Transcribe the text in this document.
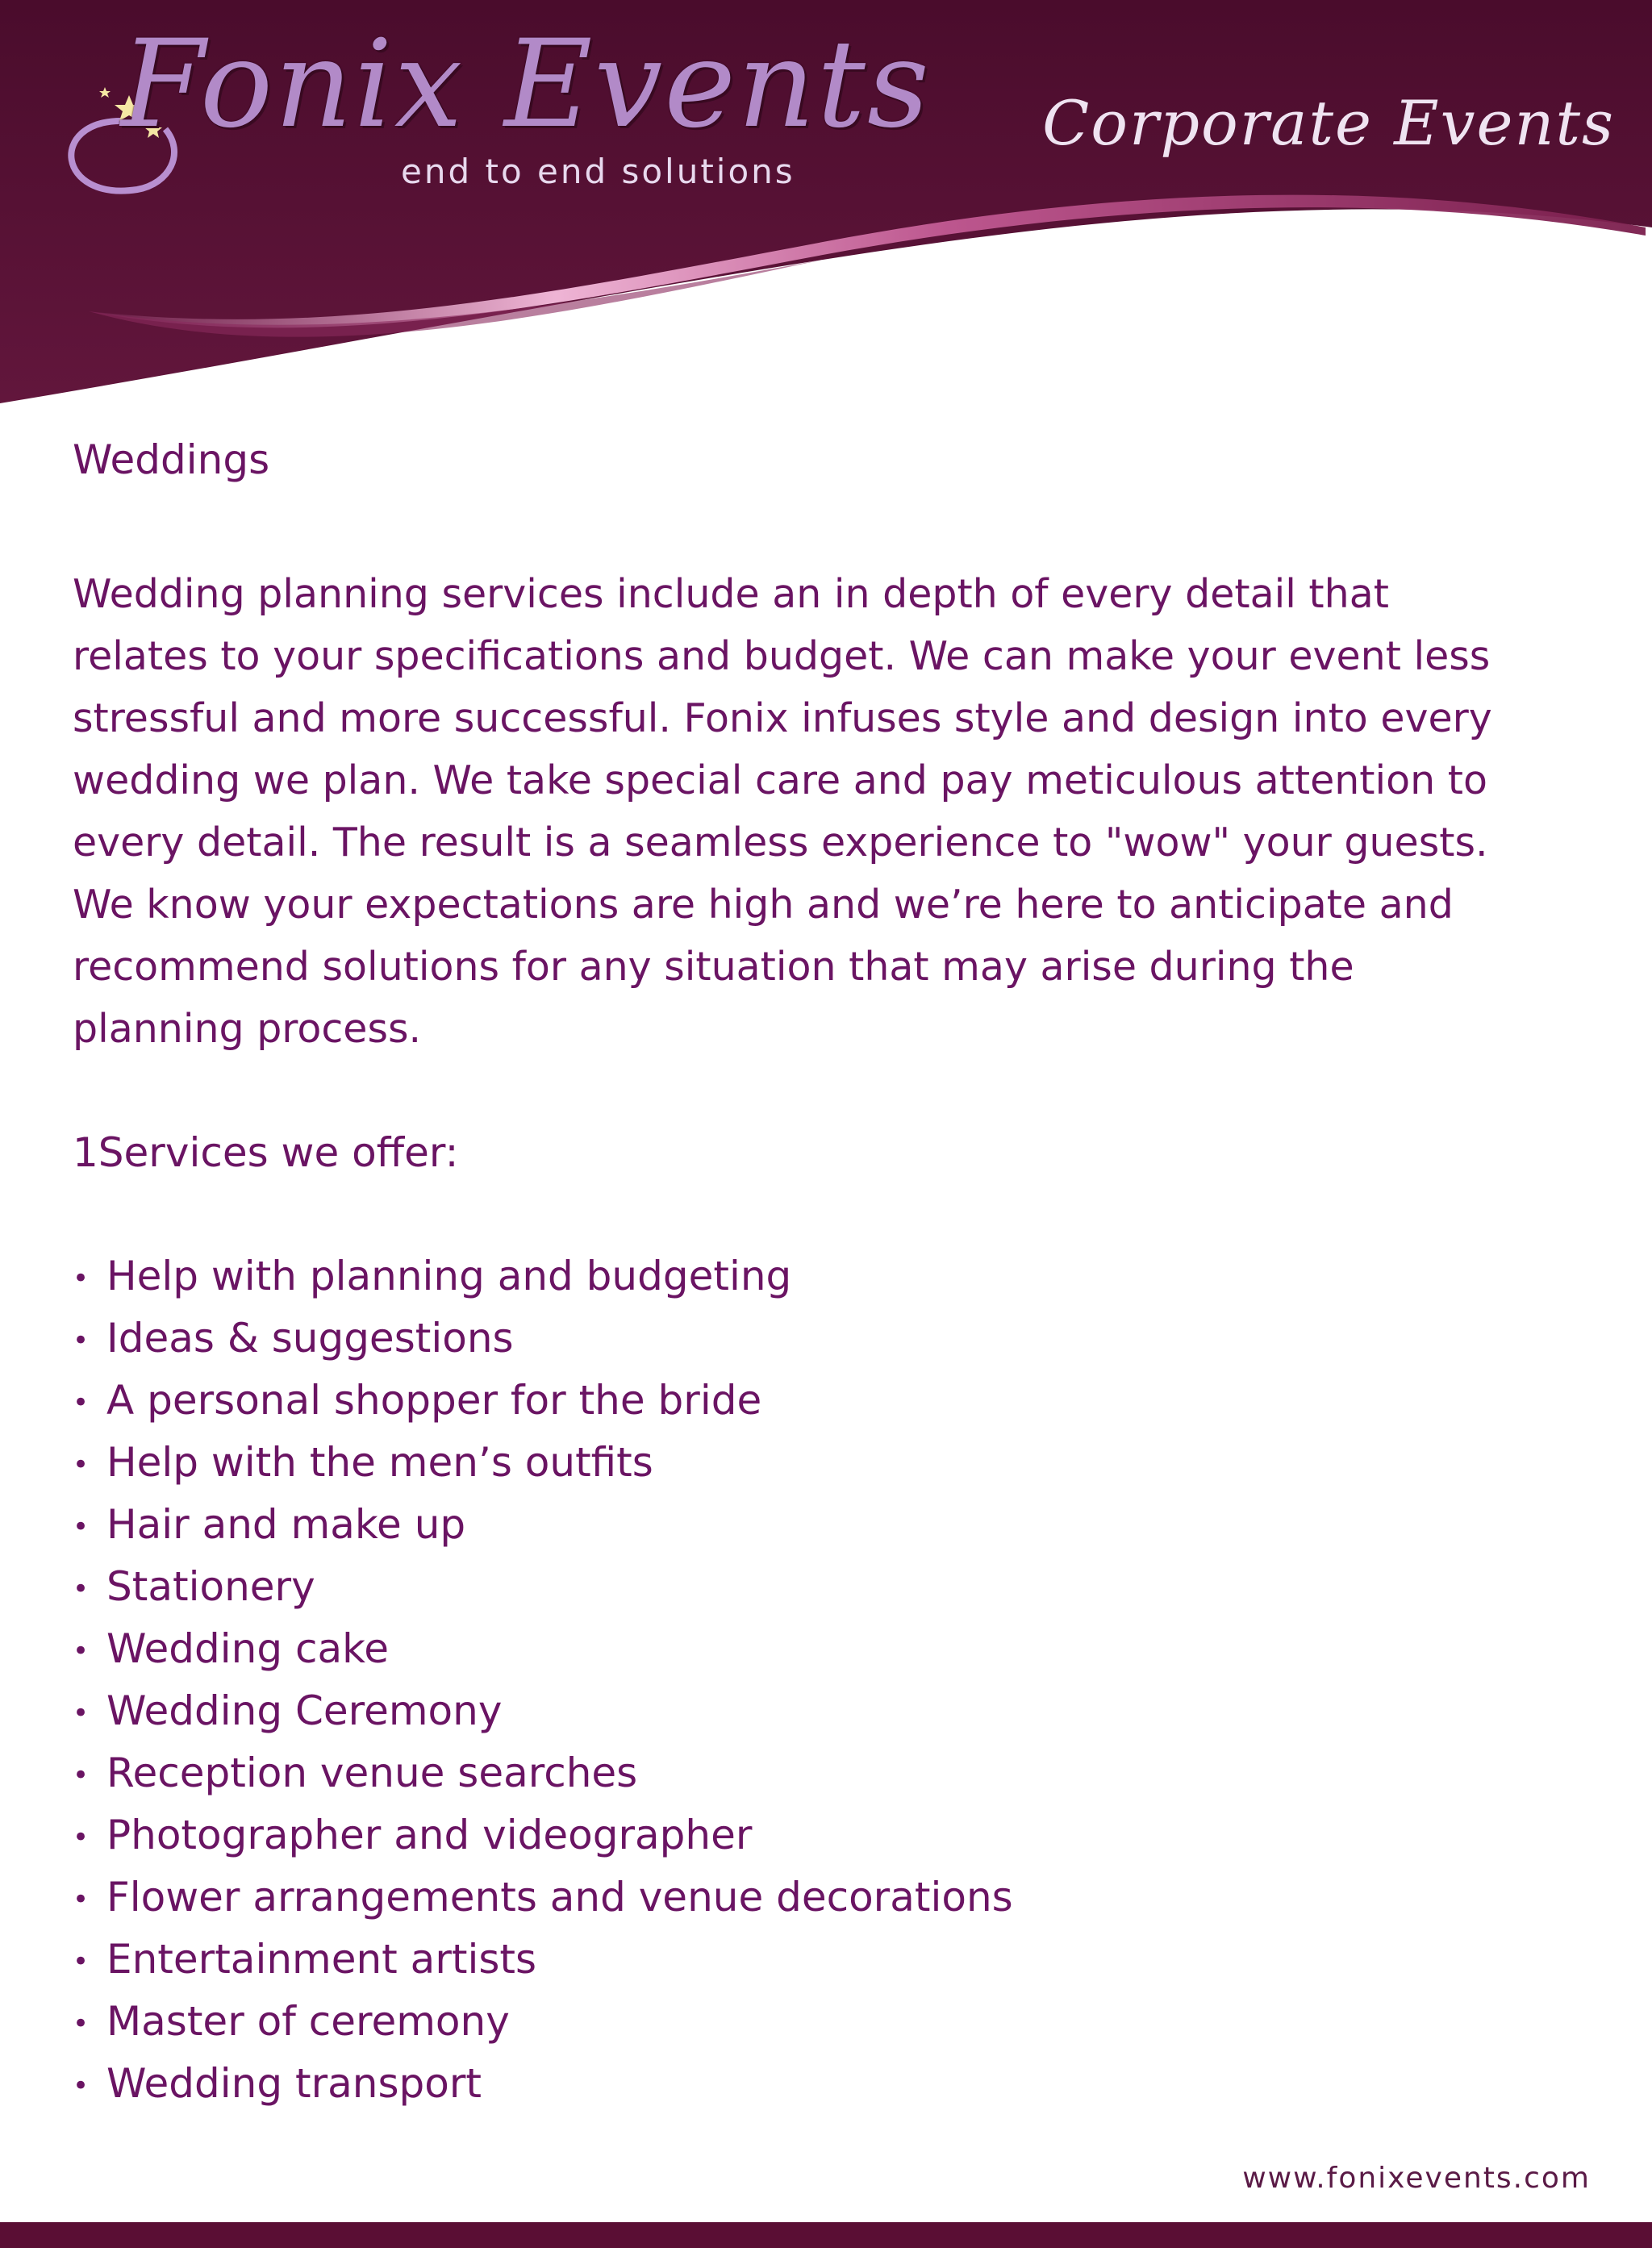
Fonix Events
end to end solutions
Corporate Events
Weddings

Wedding planning services include an in depth of every detail that relates to your specifications and budget. We can make your event less stressful and more successful. Fonix infuses style and design into every wedding we plan. We take special care and pay meticulous attention to every detail. The result is a seamless experience to "wow" your guests. We know your expectations are high and we’re here to anticipate and recommend solutions for any situation that may arise during the planning process.

1Services we offer:
• Help with planning and budgeting
• Ideas & suggestions
• A personal shopper for the bride
• Help with the men’s outfits
• Hair and make up
• Stationery
• Wedding cake
• Wedding Ceremony
• Reception venue searches
• Photographer and videographer
• Flower arrangements and venue decorations
• Entertainment artists
• Master of ceremony
• Wedding transport
www.fonixevents.com
